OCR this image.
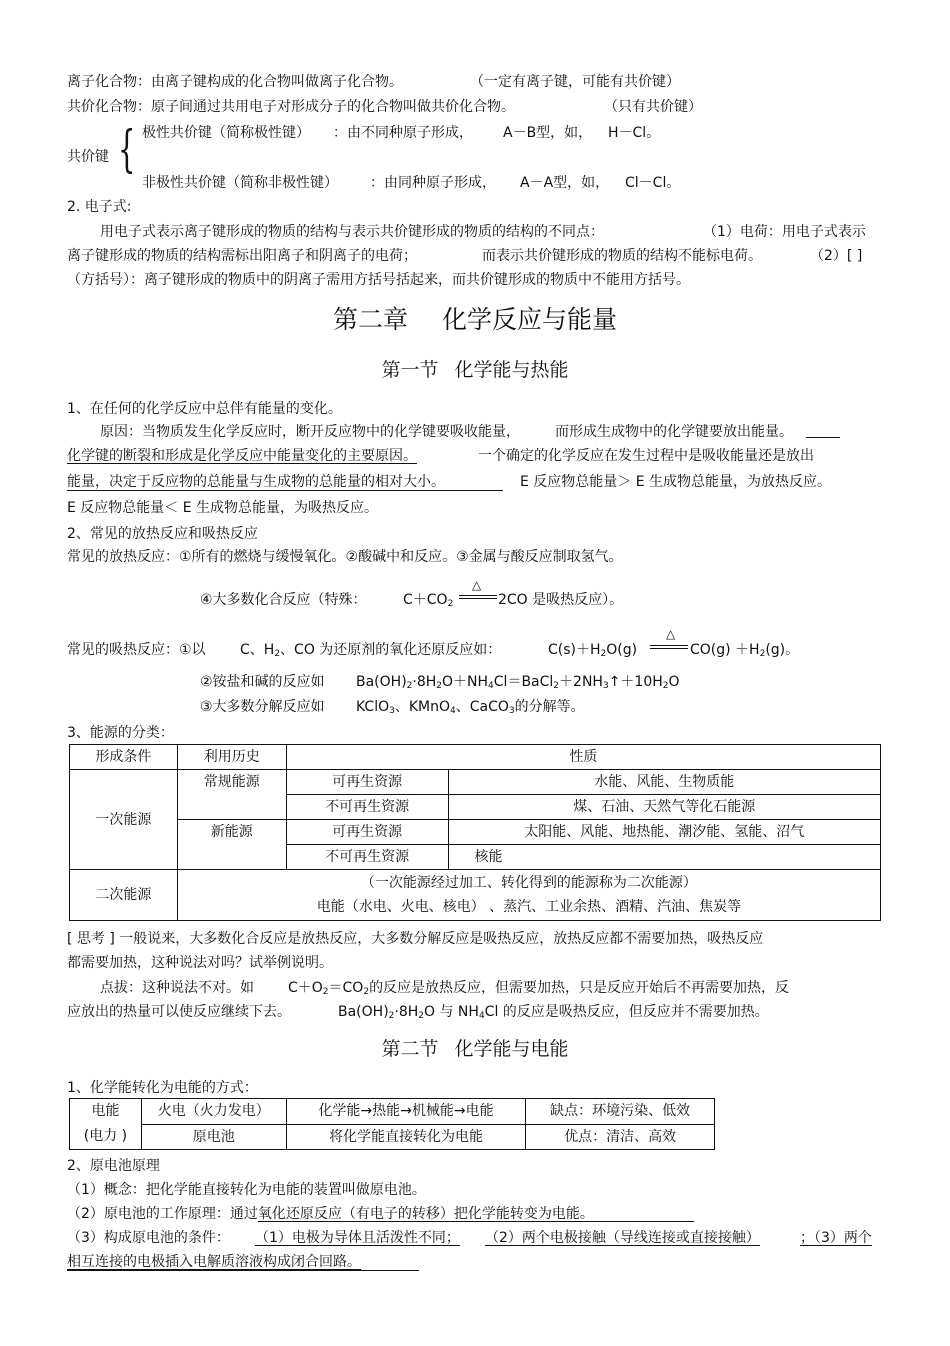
离子化合物：由离子键构成的化合物叫做离子化合物。	（一定有离子键，可能有共价键）
共价化合物：原子间通过共用电子对形成分子的化合物叫做共价化合物。	（只有共价键）
共价键 { 极性共价键（简称极性键） ：由不同种原子形成， A－B型，如， H－Cl。
非极性共价键（简称非极性键） ：由同种原子形成， A－A型，如， Cl－Cl。
2. 电子式:
用电子式表示离子键形成的物质的结构与表示共价键形成的物质的结构的不同点：	（1）电荷：用电子式表示
离子键形成的物质的结构需标出阳离子和阴离子的电荷；	而表示共价键形成的物质的结构不能标电荷。	（2）[ ]
（方括号）：离子键形成的物质中的阴离子需用方括号括起来，而共价键形成的物质中不能用方括号。
第二章 化学反应与能量
第一节 化学能与热能
1、在任何的化学反应中总伴有能量的变化。
原因：当物质发生化学反应时，断开反应物中的化学键要吸收能量，	而形成生成物中的化学键要放出能量。
化学键的断裂和形成是化学反应中能量变化的主要原因。	一个确定的化学反应在发生过程中是吸收能量还是放出
能量，决定于反应物的总能量与生成物的总能量的相对大小。	E 反应物总能量＞ E 生成物总能量，为放热反应。
E 反应物总能量＜ E 生成物总能量，为吸热反应。
2、常见的放热反应和吸热反应
常见的放热反应：①所有的燃烧与缓慢氧化。②酸碱中和反应。③金属与酸反应制取氢气。
④大多数化合反应（特殊：	$C+CO_2$
△
2CO 是吸热反应）。
常见的吸热反应：①以 C、$H_2$、CO 为还原剂的氧化还原反应如：	$C(s)+H_2O(g)$
△
$CO(g) +H_2(g)$。
②铵盐和碱的反应如 $Ba(OH)_2\cdot 8H_2O+NH_4Cl=BaCl_2+2NH_3↑+10H_2O$
③大多数分解反应如 KClO$_3$、KMnO$_4$、CaCO$_3$的分解等。
3、能源的分类：
形成条件	利用历史	性质	
一次能源	常规能源	可再生资源	水能、风能、生物质能
		不可再生资源	煤、石油、天然气等化石能源
	新能源	可再生资源	太阳能、风能、地热能、潮汐能、氢能、沼气
		不可再生资源	核能
二次能源	（一次能源经过加工、转化得到的能源称为二次能源）
电能（水电、火电、核电） 、蒸汽、工业余热、酒精、汽油、焦炭等		
[ 思考 ] 一般说来，大多数化合反应是放热反应，大多数分解反应是吸热反应，放热反应都不需要加热，吸热反应
都需要加热，这种说法对吗？试举例说明。
点拔：这种说法不对。如 $C+O_2=CO_2$的反应是放热反应，但需要加热，只是反应开始后不再需要加热，反
应放出的热量可以使反应继续下去。	$Ba(OH)_2\cdot 8H_2O$ 与 $NH_4Cl$ 的反应是吸热反应，但反应并不需要加热。
第二节 化学能与电能
1、化学能转化为电能的方式：
电能
(电力 )	火电（火力发电）	化学能→热能→机械能→电能	缺点：环境污染、低效
	原电池	将化学能直接转化为电能	优点：清洁、高效
2、原电池原理
（1）概念：把化学能直接转化为电能的装置叫做原电池。
（2）原电池的工作原理：通过氧化还原反应（有电子的转移）把化学能转变为电能。
（3）构成原电池的条件： （1）电极为导体且活泼性不同； （2）两个电极接触（导线连接或直接接触）	；（3）两个
相互连接的电极插入电解质溶液构成闭合回路。
